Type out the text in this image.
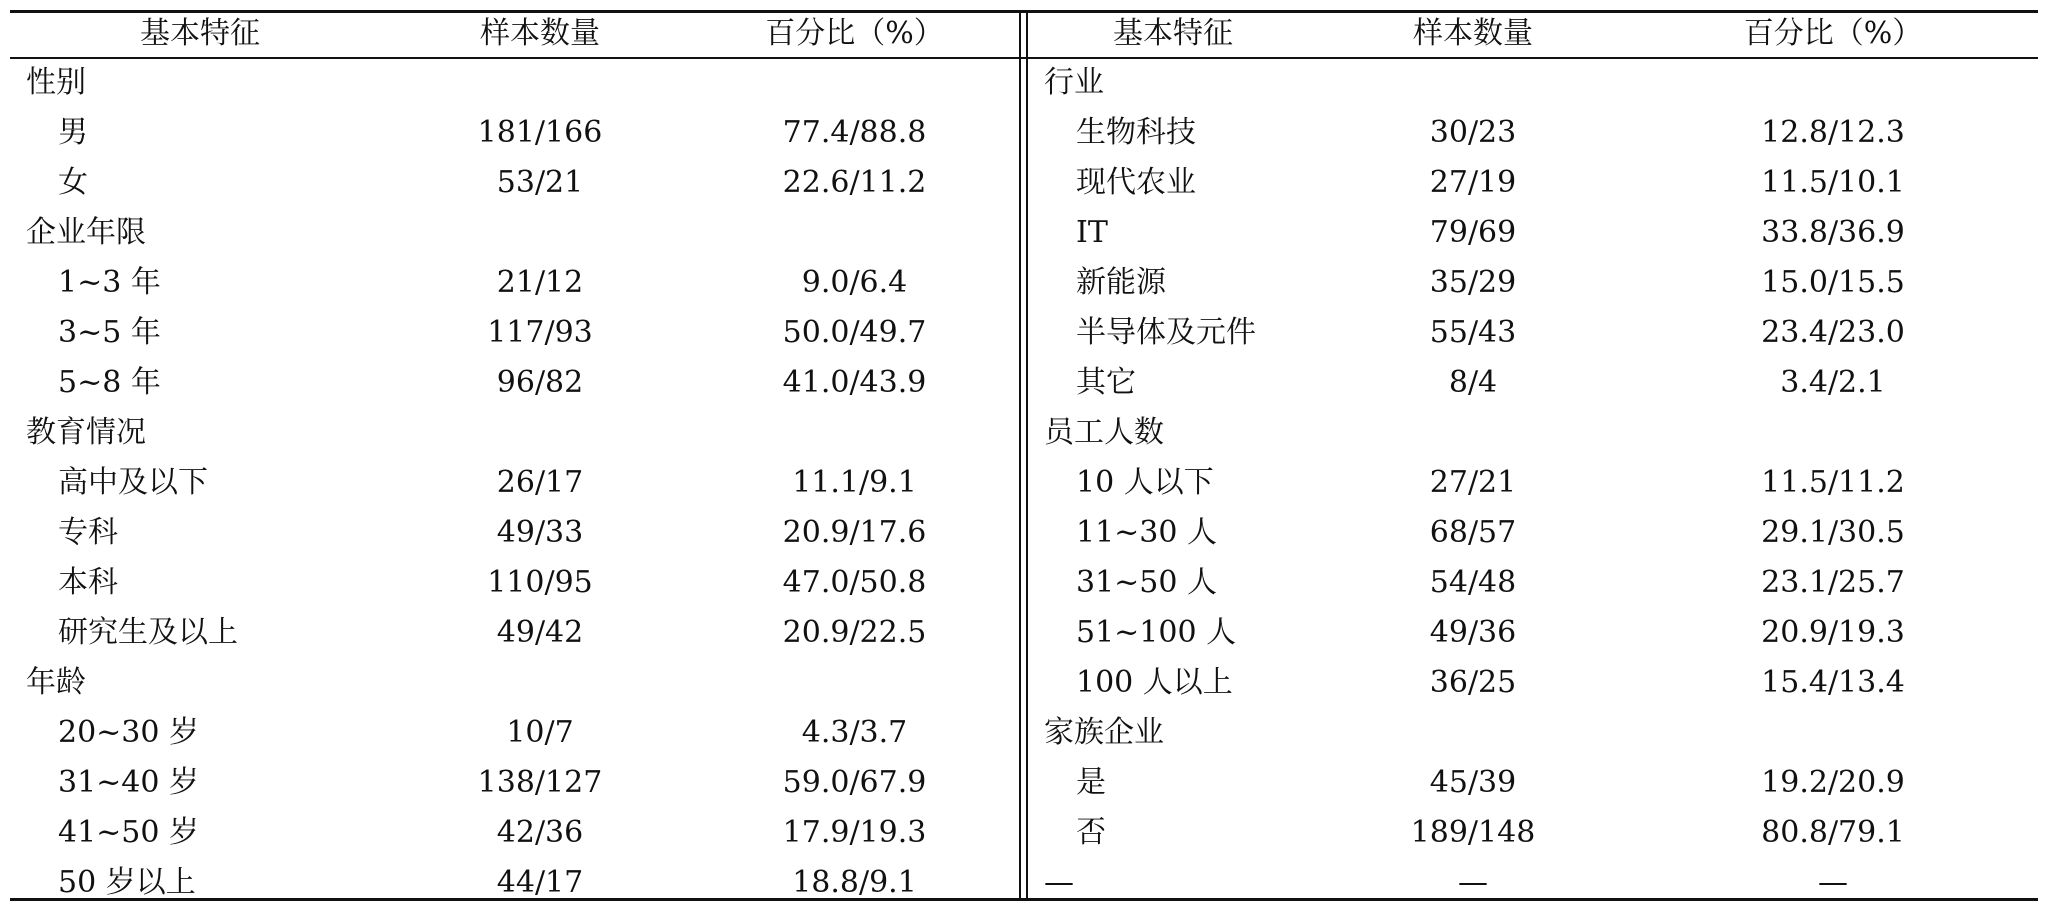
基本特征	样本数量	百分比（%）
性别		
男	181/166	77.4/88.8
女	53/21	22.6/11.2
企业年限		
1~3 年	21/12	9.0/6.4
3~5 年	117/93	50.0/49.7
5~8 年	96/82	41.0/43.9
教育情况		
高中及以下	26/17	11.1/9.1
专科	49/33	20.9/17.6
本科	110/95	47.0/50.8
研究生及以上	49/42	20.9/22.5
年龄		
20~30 岁	10/7	4.3/3.7
31~40 岁	138/127	59.0/67.9
41~50 岁	42/36	17.9/19.3
50 岁以上	44/17	18.8/9.1
基本特征	样本数量	百分比（%）
行业		
生物科技	30/23	12.8/12.3
现代农业	27/19	11.5/10.1
IT	79/69	33.8/36.9
新能源	35/29	15.0/15.5
半导体及元件	55/43	23.4/23.0
其它	8/4	3.4/2.1
员工人数		
10 人以下	27/21	11.5/11.2
11~30 人	68/57	29.1/30.5
31~50 人	54/48	23.1/25.7
51~100 人	49/36	20.9/19.3
100 人以上	36/25	15.4/13.4
家族企业		
是	45/39	19.2/20.9
否	189/148	80.8/79.1
—	—	—
